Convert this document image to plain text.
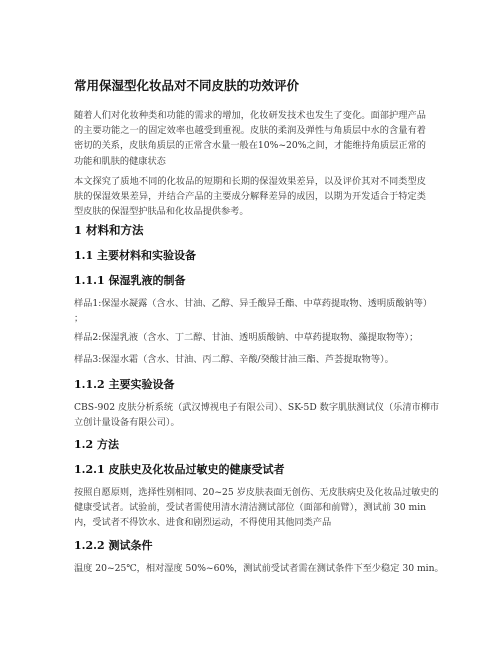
常用保湿型化妆品对不同皮肤的功效评价
随着人们对化妆种类和功能的需求的增加，化妆研发技术也发生了变化。面部护理产品的主要功能之一的固定效率也越受到重视。皮肤的柔润及弹性与角质层中水的含量有着密切的关系，皮肤角质层的正常含水量一般在10%~20%之间，才能维持角质层正常的功能和肌肤的健康状态
本文探究了质地不同的化妆品的短期和长期的保湿效果差异，以及评价其对不同类型皮肤的保湿效果差异，并结合产品的主要成分解释差异的成因，以期为开发适合于特定类型皮肤的保湿型护肤品和化妆品提供参考。
1 材料和方法
1.1 主要材料和实验设备
1.1.1 保湿乳液的制备
样品1:保湿水凝露（含水、甘油、乙醇、异壬酸异壬酯、中草药提取物、透明质酸钠等）
；
样品2:保湿乳液（含水、丁二醇、甘油、透明质酸钠、中草药提取物、藻提取物等）；
样品3:保湿水霜（含水、甘油、丙二醇、辛酸/癸酸甘油三酯、芦荟提取物等）。
1.1.2 主要实验设备
CBS-902 皮肤分析系统（武汉博视电子有限公司）、SK-5D 数字肌肤测试仪（乐清市柳市
立创计量设备有限公司）。
1.2 方法
1.2.1 皮肤史及化妆品过敏史的健康受试者
按照自愿原则，选择性别相同、20~25 岁皮肤表面无创伤、无皮肤病史及化妆品过敏史的
健康受试者。试验前，受试者需使用清水清洁测试部位（面部和前臂），测试前 30 min
内，受试者不得饮水、进食和剧烈运动，不得使用其他同类产品
1.2.2 测试条件
温度 20~25℃，相对湿度 50%~60%，测试前受试者需在测试条件下至少稳定 30 min。
